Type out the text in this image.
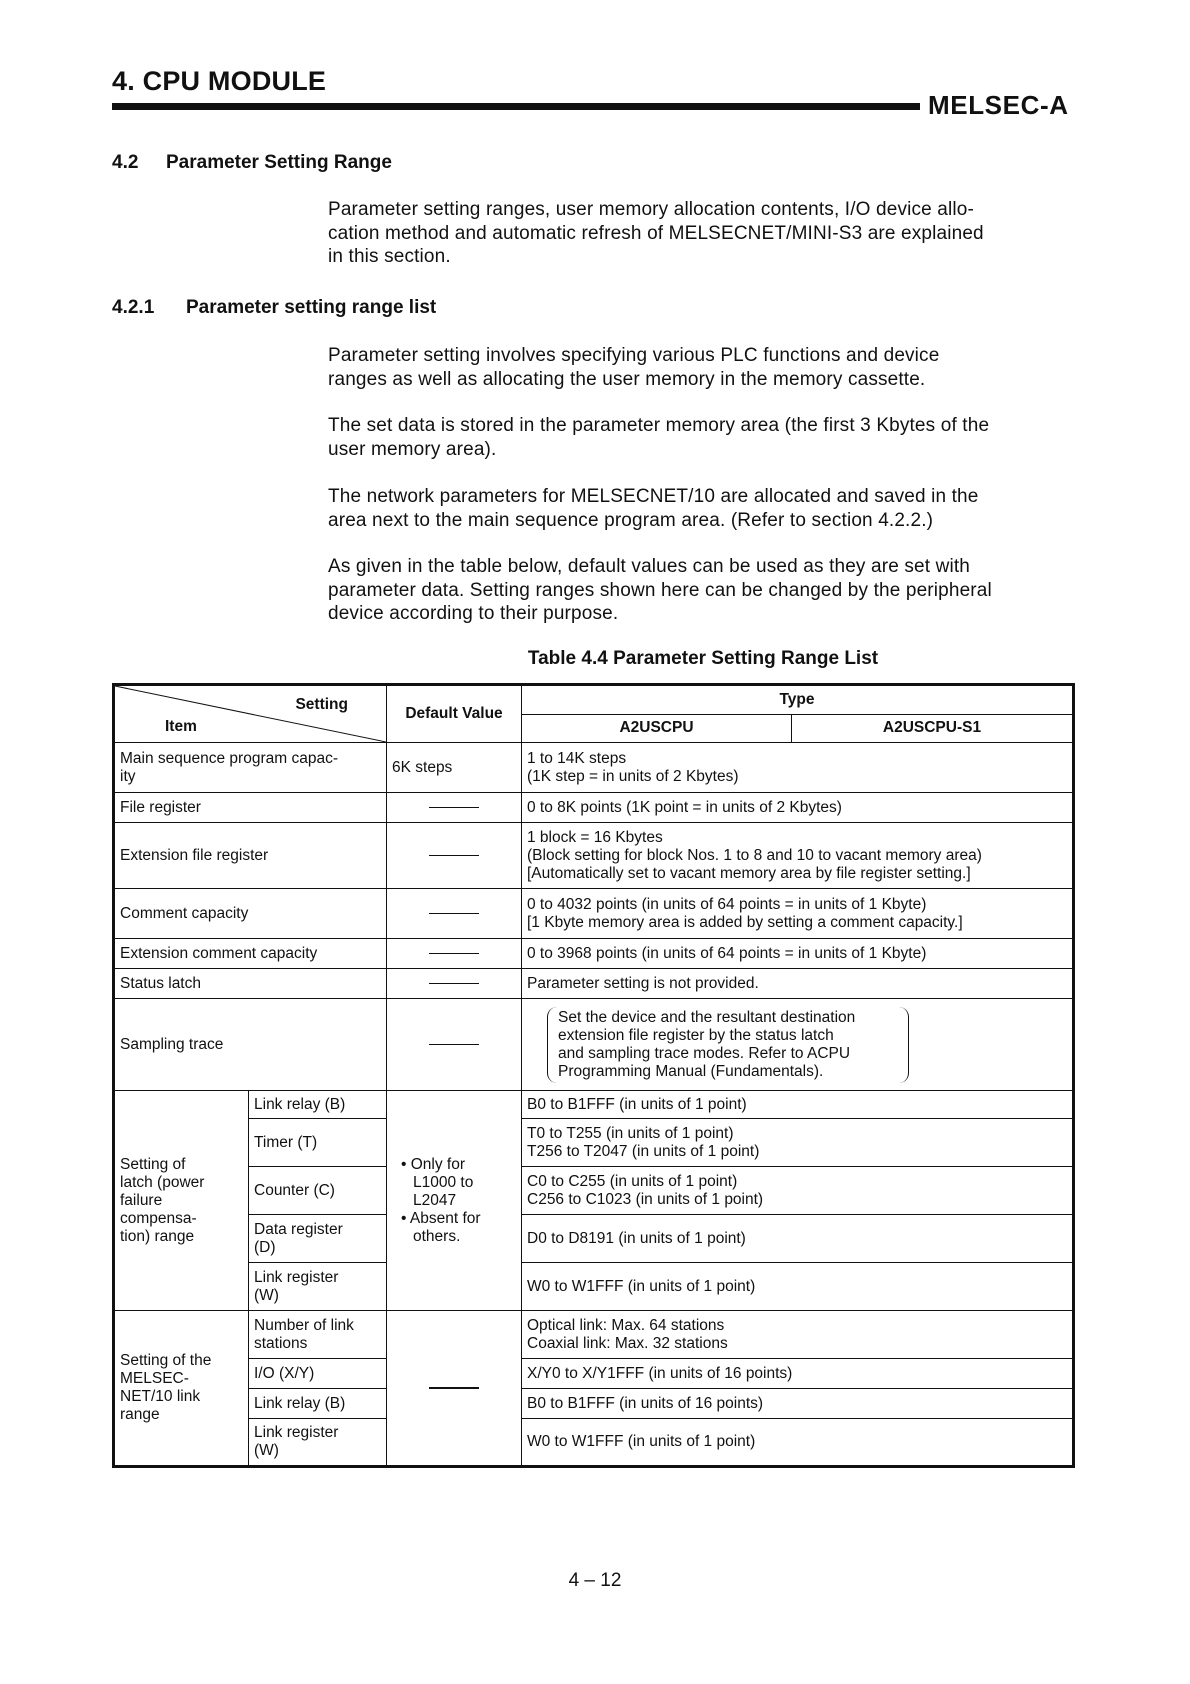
4. CPU MODULE
MELSEC-A
4.2 Parameter Setting Range
Parameter setting ranges, user memory allocation contents, I/O device allo-
cation method and automatic refresh of MELSECNET/MINI-S3 are explained
in this section.
4.2.1 Parameter setting range list
Parameter setting involves specifying various PLC functions and device
ranges as well as allocating the user memory in the memory cassette.
The set data is stored in the parameter memory area (the first 3 Kbytes of the
user memory area).
The network parameters for MELSECNET/10 are allocated and saved in the
area next to the main sequence program area. (Refer to section 4.2.2.)
As given in the table below, default values can be used as they are set with
parameter data. Setting ranges shown here can be changed by the peripheral
device according to their purpose.
Table 4.4 Parameter Setting Range List
Setting
Item		Default Value	Type	
			A2USCPU	A2USCPU-S1

Main sequence program capac-
ity		6K steps	1 to 14K steps
(1K step = in units of 2 Kbytes)	

File register			0 to 8K points (1K point = in units of 2 Kbytes)	
Extension file register			1 block = 16 Kbytes
(Block setting for block Nos. 1 to 8 and 10 to vacant memory area)
[Automatically set to vacant memory area by file register setting.]	

Comment capacity			0 to 4032 points (in units of 64 points = in units of 1 Kbyte)
[1 Kbyte memory area is added by setting a comment capacity.]	

Extension comment capacity			0 to 3968 points (in units of 64 points = in units of 1 Kbyte)	
Status latch			Parameter setting is not provided.	
Sampling trace			Set the device and the resultant destination
extension file register by the status latch
and sampling trace modes. Refer to ACPU
Programming Manual (Fundamentals).	

Setting of
latch (power
failure
compensa-
tion) range	Link relay (B)	• Only for
L1000 to
L2047
• Absent for
others.	B0 to B1FFF (in units of 1 point)	
	Timer (T)		T0 to T255 (in units of 1 point)
T256 to T2047 (in units of 1 point)	

	Counter (C)		C0 to C255 (in units of 1 point)
C256 to C1023 (in units of 1 point)	

	Data register
(D)		D0 to D8191 (in units of 1 point)	

	Link register
(W)		W0 to W1FFF (in units of 1 point)	

Setting of the
MELSEC-
NET/10 link
range	Number of link
stations		Optical link: Max. 64 stations
Coaxial link: Max. 32 stations	

	I/O (X/Y)		X/Y0 to X/Y1FFF (in units of 16 points)	
	Link relay (B)		B0 to B1FFF (in units of 16 points)	

	Link register
(W)		W0 to W1FFF (in units of 1 point)	
4 – 12
